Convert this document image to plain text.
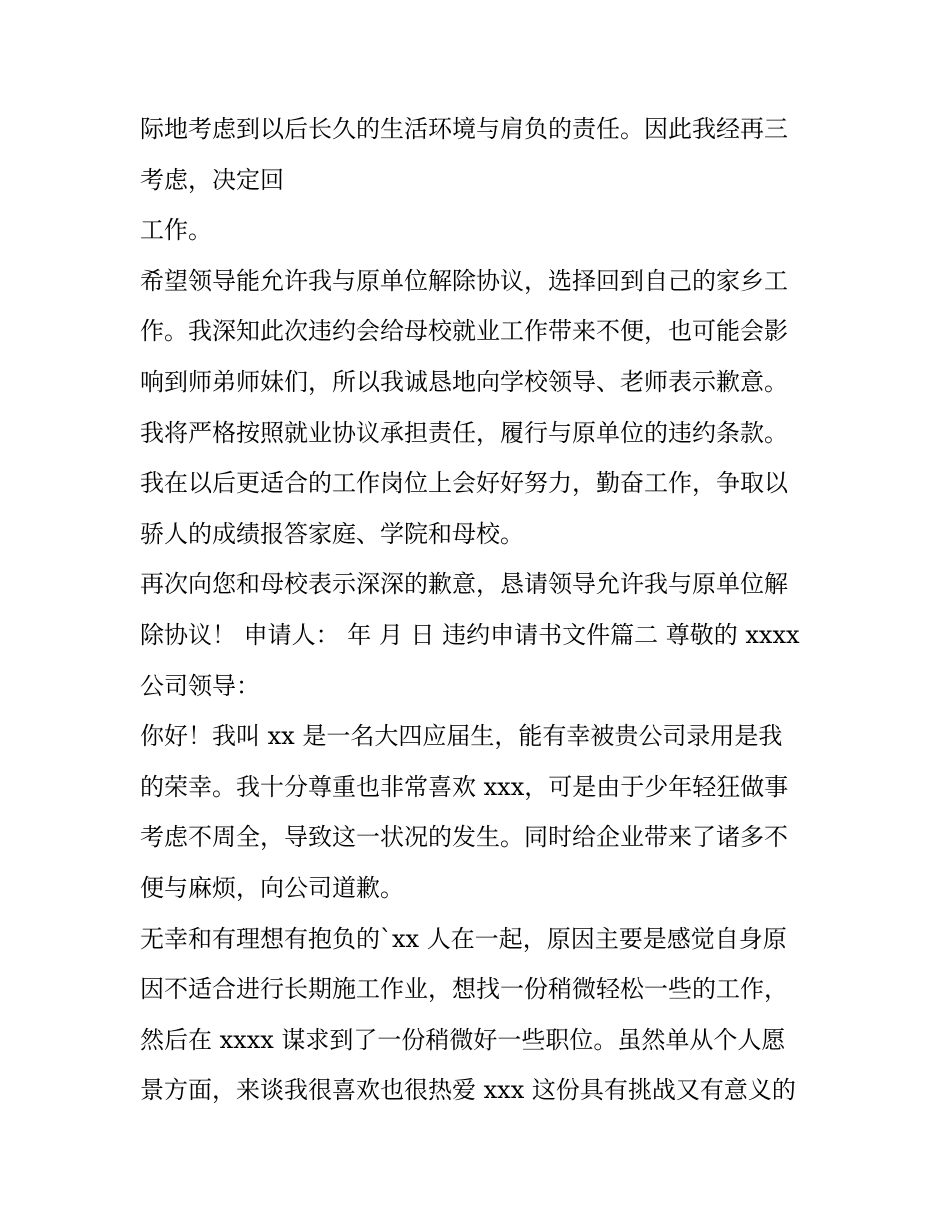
际地考虑到以后长久的生活环境与肩负的责任。因此我经再三
考虑，决定回
工作。
希望领导能允许我与原单位解除协议，选择回到自己的家乡工
作。我深知此次违约会给母校就业工作带来不便，也可能会影
响到师弟师妹们，所以我诚恳地向学校领导、老师表示歉意。
我将严格按照就业协议承担责任，履行与原单位的违约条款。
我在以后更适合的工作岗位上会好好努力，勤奋工作，争取以
骄人的成绩报答家庭、学院和母校。
再次向您和母校表示深深的歉意，恳请领导允许我与原单位解
除协议！ 申请人： 年 月 日 违约申请书文件篇二 尊敬的 xxxx
公司领导：
你好！我叫 xx 是一名大四应届生，能有幸被贵公司录用是我
的荣幸。我十分尊重也非常喜欢 xxx，可是由于少年轻狂做事
考虑不周全，导致这一状况的发生。同时给企业带来了诸多不
便与麻烦，向公司道歉。
无幸和有理想有抱负的`xx 人在一起，原因主要是感觉自身原
因不适合进行长期施工作业，想找一份稍微轻松一些的工作，
然后在 xxxx 谋求到了一份稍微好一些职位。虽然单从个人愿
景方面，来谈我很喜欢也很热爱 xxx 这份具有挑战又有意义的
